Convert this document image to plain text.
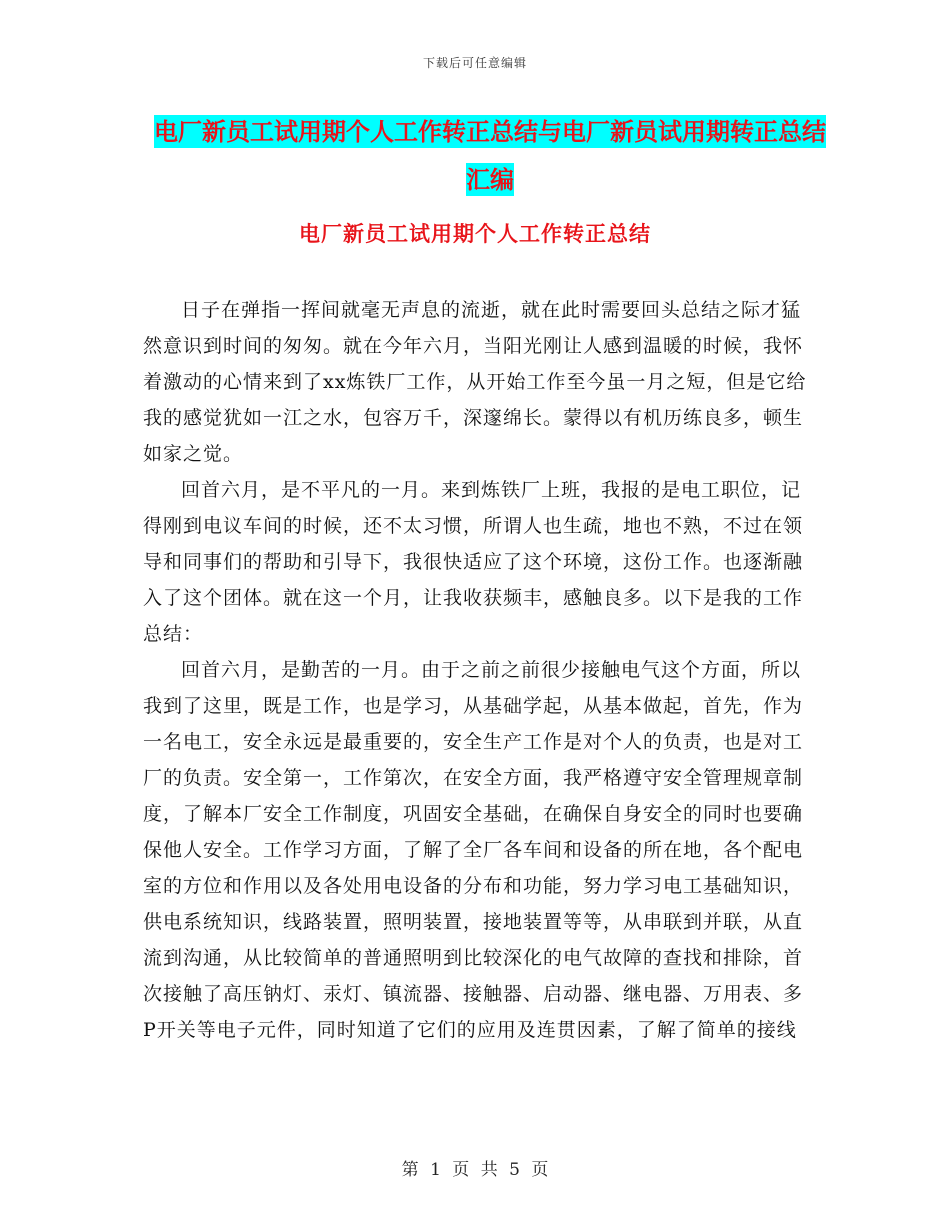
下载后可任意编辑
电厂新员工试用期个人工作转正总结与电厂新员试用期转正总结汇编
电厂新员工试用期个人工作转正总结

日子在弹指一挥间就毫无声息的流逝，就在此时需要回头总结之际才猛然意识到时间的匆匆。就在今年六月，当阳光刚让人感到温暖的时候，我怀着激动的心情来到了xx炼铁厂工作，从开始工作至今虽一月之短，但是它给我的感觉犹如一江之水，包容万千，深邃绵长。蒙得以有机历练良多，顿生如家之觉。

回首六月，是不平凡的一月。来到炼铁厂上班，我报的是电工职位，记得刚到电议车间的时候，还不太习惯，所谓人也生疏，地也不熟，不过在领导和同事们的帮助和引导下，我很快适应了这个环境，这份工作。也逐渐融入了这个团体。就在这一个月，让我收获频丰，感触良多。以下是我的工作总结：

回首六月，是勤苦的一月。由于之前之前很少接触电气这个方面，所以我到了这里，既是工作，也是学习，从基础学起，从基本做起，首先，作为一名电工，安全永远是最重要的，安全生产工作是对个人的负责，也是对工厂的负责。安全第一，工作第次，在安全方面，我严格遵守安全管理规章制度，了解本厂安全工作制度，巩固安全基础，在确保自身安全的同时也要确保他人安全。工作学习方面，了解了全厂各车间和设备的所在地，各个配电室的方位和作用以及各处用电设备的分布和功能，努力学习电工基础知识，供电系统知识，线路装置，照明装置，接地装置等等，从串联到并联，从直流到沟通，从比较简单的普通照明到比较深化的电气故障的查找和排除，首次接触了高压钠灯、汞灯、镇流器、接触器、启动器、继电器、万用表、多P开关等电子元件，同时知道了它们的应用及连贯因素，了解了简单的接线

第 1 页 共 5 页
